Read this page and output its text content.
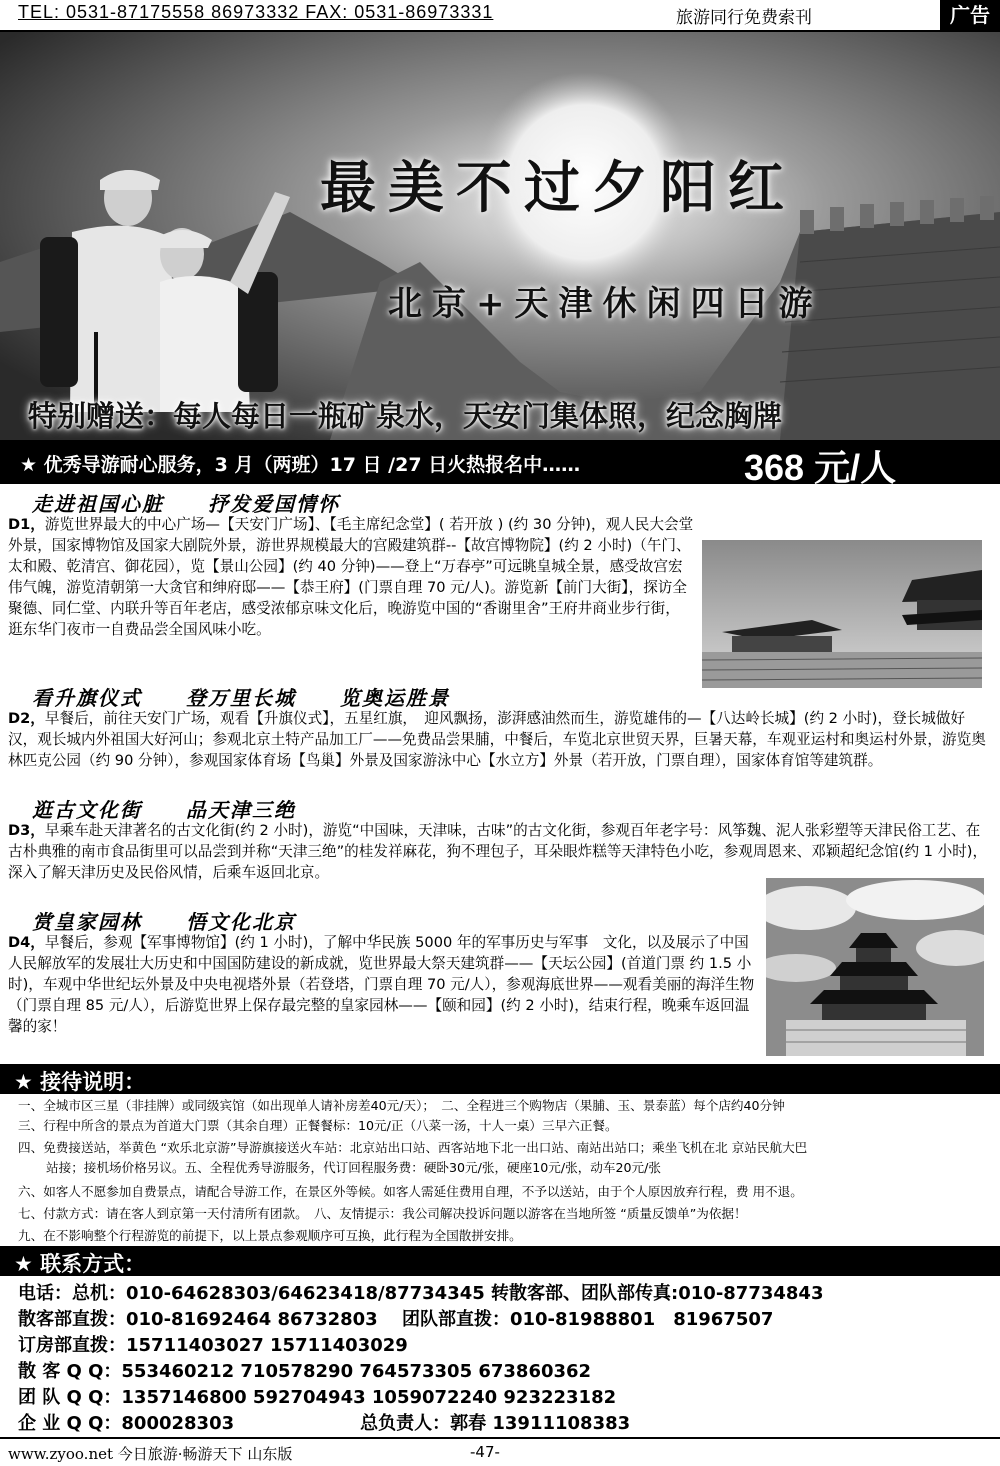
TEL: 0531-87175558 86973332 FAX: 0531-86973331	旅游同行免费索刊	广告
最美不过夕阳红
北京+天津休闲四日游
特别赠送：每人每日一瓶矿泉水，天安门集体照，纪念胸牌
★ 优秀导游耐心服务，3 月（两班）17 日 /27 日火热报名中……	368 元/人
走进祖国心脏　　抒发爱国情怀
D1，游览世界最大的中心广场—【天安门广场】、【毛主席纪念堂】( 若开放 ) (约 30 分钟)，观人民大会堂外景，国家博物馆及国家大剧院外景，游世界规模最大的宫殿建筑群--【故宫博物院】(约 2 小时)（午门、太和殿、乾清宫、御花园），览【景山公园】(约 40 分钟)——登上“万春亭”可远眺皇城全景，感受故宫宏伟气魄，游览清朝第一大贪官和绅府邸——【恭王府】(门票自理 70 元/人)。游览新【前门大街】，探访全聚德、同仁堂、内联升等百年老店，感受浓郁京味文化后，晚游览中国的“香谢里舍”王府井商业步行街，逛东华门夜市一自费品尝全国风味小吃。
看升旗仪式　　登万里长城　　览奥运胜景
D2，早餐后，前往天安门广场，观看【升旗仪式】，五星红旗，　迎风飘扬，澎湃感油然而生，游览雄伟的—【八达岭长城】(约 2 小时)，登长城做好汉，观长城内外祖国大好河山；参观北京土特产品加工厂——免费品尝果脯，中餐后，车览北京世贸天界，巨暑天幕，车观亚运村和奥运村外景，游览奥林匹克公园（约 90 分钟），参观国家体育场【鸟巢】外景及国家游泳中心【水立方】外景（若开放，门票自理），国家体育馆等建筑群。
逛古文化街　　品天津三绝
D3，早乘车赴天津著名的古文化街(约 2 小时)，游览“中国味，天津味，古味”的古文化街，参观百年老字号：风筝魏、泥人张彩塑等天津民俗工艺、在古朴典雅的南市食品街里可以品尝到并称“天津三绝”的桂发祥麻花，狗不理包子，耳朵眼炸糕等天津特色小吃，参观周恩来、邓颖超纪念馆(约 1 小时)，深入了解天津历史及民俗风情，后乘车返回北京。
赏皇家园林　　悟文化北京
D4，早餐后，参观【军事博物馆】(约 1 小时)，了解中华民族 5000 年的军事历史与军事　文化，以及展示了中国人民解放军的发展壮大历史和中国国防建设的新成就，览世界最大祭天建筑群——【天坛公园】(首道门票 约 1.5 小时)，车观中华世纪坛外景及中央电视塔外景（若登塔，门票自理 70 元/人），参观海底世界——观看美丽的海洋生物（门票自理 85 元/人），后游览世界上保存最完整的皇家园林——【颐和园】(约 2 小时)，结束行程，晚乘车返回温馨的家！
★ 接待说明：
一、全城市区三星（非挂牌）或同级宾馆（如出现单人请补房差40元/天）；　二、全程进三个购物店（果脯、玉、景泰蓝）每个店约40分钟
三、行程中所含的景点为首道大门票（其余自理）正餐餐标：10元/正（八菜一汤，十人一桌）三早六正餐。
四、免费接送站，举黄色 “欢乐北京游”导游旗接送火车站：北京站出口站、西客站地下北一出口站、南站出站口；乘坐飞机在北 京站民航大巴
站接；接机场价格另议。五、全程优秀导游服务，代订回程服务费：硬卧30元/张，硬座10元/张，动车20元/张
六、如客人不愿参加自费景点，请配合导游工作，在景区外等候。如客人需延住费用自理，不予以送站，由于个人原因放弃行程，费 用不退。
七、付款方式：请在客人到京第一天付清所有团款。　八、友情提示：我公司解决投诉问题以游客在当地所签 “质量反馈单”为依据！
九、在不影响整个行程游览的前提下，以上景点参观顺序可互换，此行程为全国散拼安排。
★ 联系方式：
电话：总机：010-64628303/64623418/87734345 转散客部、团队部传真:010-87734843
散客部直拨：010-81692464 86732803　 团队部直拨：010-81988801　81967507
订房部直拨：15711403027 15711403029
散 客 Q Q：553460212 710578290 764573305 673860362
团 队 Q Q：1357146800 592704943 1059072240 923223182
企 业 Q Q：800028303　　　　　　　总负责人：郭春 13911108383
www.zyoo.net 今日旅游·畅游天下 山东版	-47-
